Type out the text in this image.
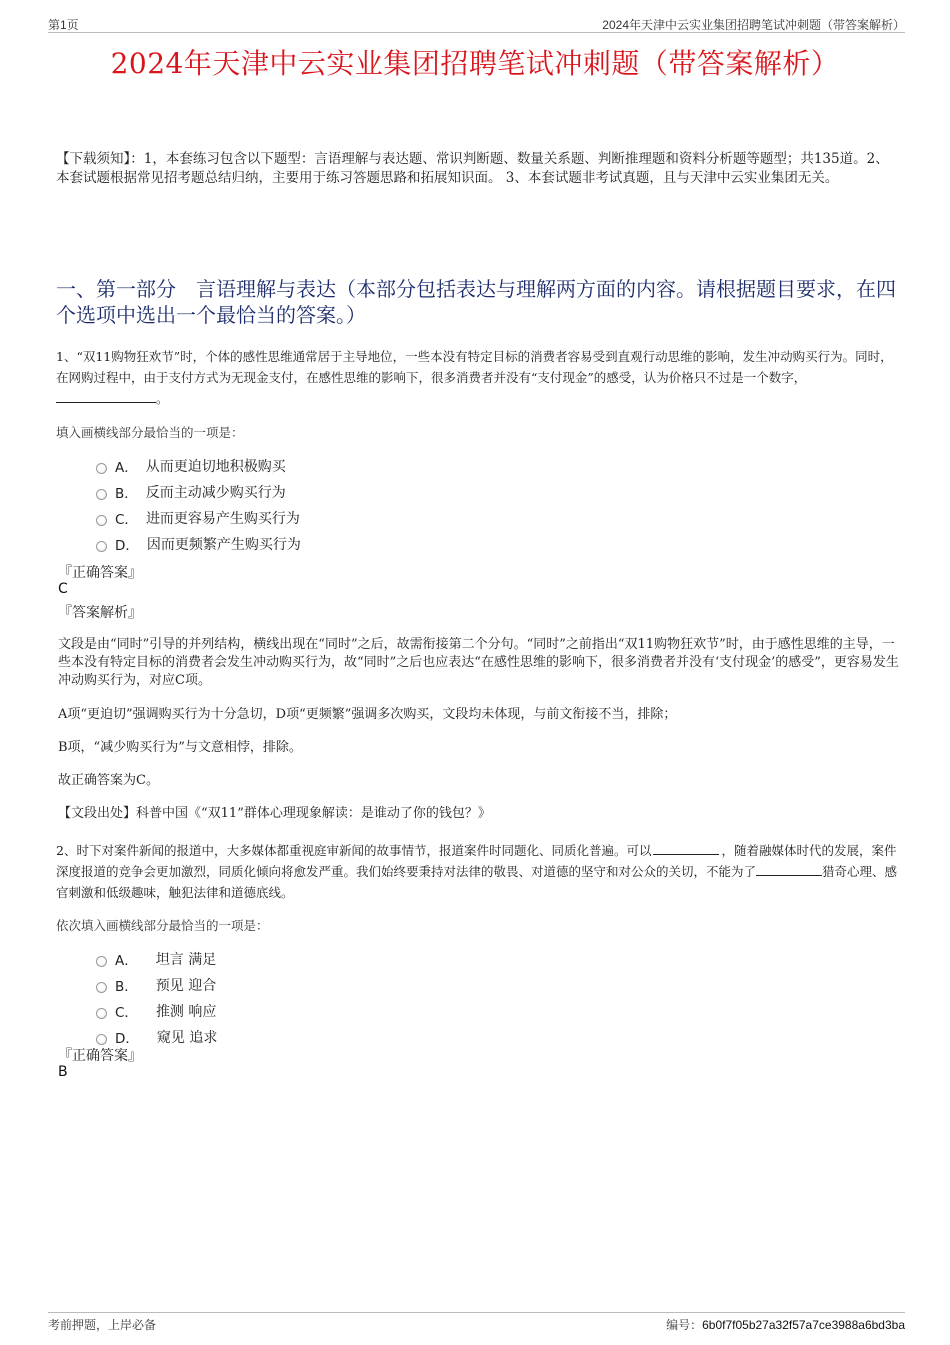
第1页	2024年天津中云实业集团招聘笔试冲刺题（带答案解析）
2024年天津中云实业集团招聘笔试冲刺题（带答案解析）
【下载须知】：1，本套练习包含以下题型：言语理解与表达题、常识判断题、数量关系题、判断推理题和资料分析题等题型；共135道。2、本套试题根据常见招考题总结归纳，主要用于练习答题思路和拓展知识面。 3、本套试题非考试真题，且与天津中云实业集团无关。
一、第一部分　言语理解与表达（本部分包括表达与理解两方面的内容。请根据题目要求，在四个选项中选出一个最恰当的答案。）
1、“双11购物狂欢节”时，个体的感性思维通常居于主导地位，一些本没有特定目标的消费者容易受到直观行动思维的影响，发生冲动购买行为。同时，在网购过程中，由于支付方式为无现金支付，在感性思维的影响下，很多消费者并没有“支付现金”的感受，认为价格只不过是一个数字，。
填入画横线部分最恰当的一项是：
A． 从而更迫切地积极购买
B． 反而主动减少购买行为
C． 进而更容易产生购买行为
D． 因而更频繁产生购买行为
『正确答案』
C
『答案解析』
文段是由“同时”引导的并列结构，横线出现在“同时”之后，故需衔接第二个分句。“同时”之前指出“双11购物狂欢节”时，由于感性思维的主导，一些本没有特定目标的消费者会发生冲动购买行为，故“同时”之后也应表达“在感性思维的影响下，很多消费者并没有‘支付现金’的感受”，更容易发生冲动购买行为，对应C项。
A项“更迫切”强调购买行为十分急切，D项“更频繁”强调多次购买，文段均未体现，与前文衔接不当，排除；
B项，“减少购买行为”与文意相悖，排除。
故正确答案为C。
【文段出处】科普中国《“双11”群体心理现象解读：是谁动了你的钱包？》
2、时下对案件新闻的报道中，大多媒体都重视庭审新闻的故事情节，报道案件时同题化、同质化普遍。可以	，随着融媒体时代的发展，案件深度报道的竞争会更加激烈，同质化倾向将愈发严重。我们始终要秉持对法律的敬畏、对道德的坚守和对公众的关切，不能为了	猎奇心理、感官刺激和低级趣味，触犯法律和道德底线。
依次填入画横线部分最恰当的一项是：
A． 坦言 满足
B． 预见 迎合
C． 推测 响应
D． 窥见 追求
『正确答案』
B
考前押题，上岸必备	编号：6b0f7f05b27a32f57a7ce3988a6bd3ba
